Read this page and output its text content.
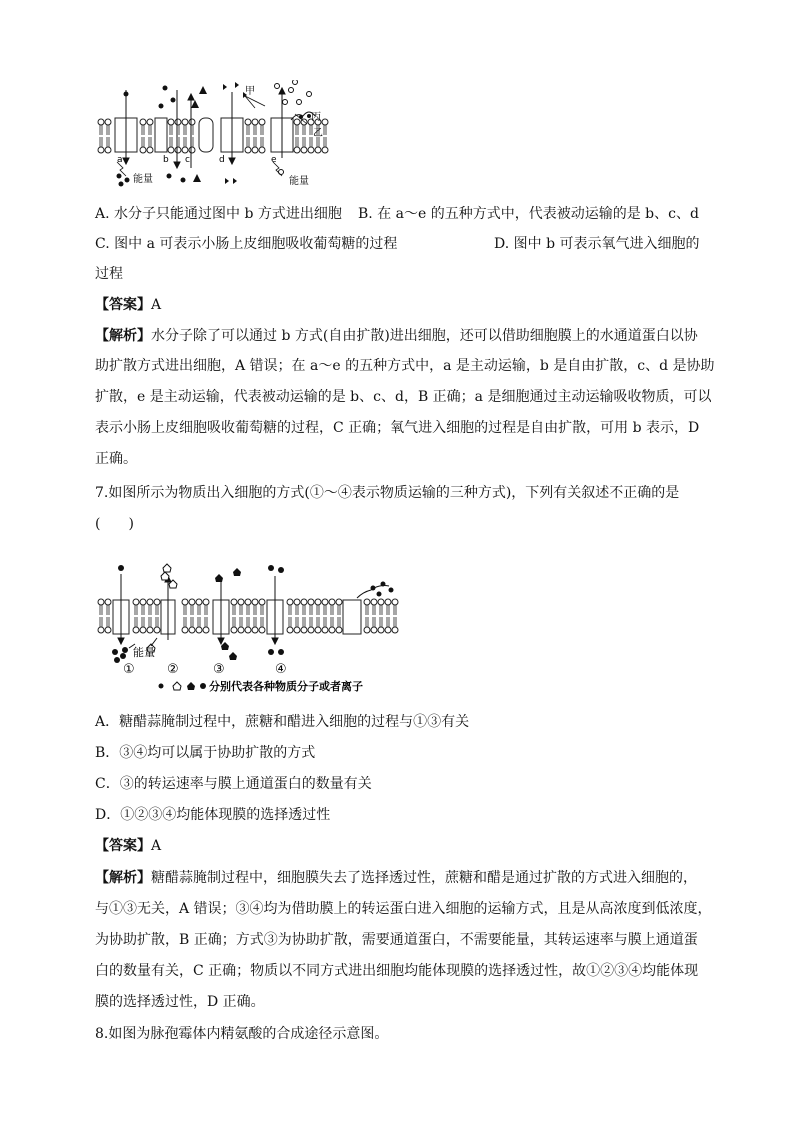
a	b c	d	e
甲
丙
乙
能量	能量
A. 水分子只能通过图中 b 方式进出细胞 B. 在 a～e 的五种方式中，代表被动运输的是 b、c、d
C. 图中 a 可表示小肠上皮细胞吸收葡萄糖的过程	D. 图中 b 可表示氧气进入细胞的
过程
【答案】A
【解析】水分子除了可以通过 b 方式(自由扩散)进出细胞，还可以借助细胞膜上的水通道蛋白以协
助扩散方式进出细胞，A 错误；在 a～e 的五种方式中，a 是主动运输，b 是自由扩散，c、d 是协助
扩散，e 是主动运输，代表被动运输的是 b、c、d，B 正确；a 是细胞通过主动运输吸收物质，可以
表示小肠上皮细胞吸收葡萄糖的过程，C 正确；氧气进入细胞的过程是自由扩散，可用 b 表示，D
正确。
7.如图所示为物质出入细胞的方式(①～④表示物质运输的三种方式)，下列有关叙述不正确的是
(　　)
能量
① ②	③	④
分别代表各种物质分子或者离子
A．糖醋蒜腌制过程中，蔗糖和醋进入细胞的过程与①③有关
B．③④均可以属于协助扩散的方式
C．③的转运速率与膜上通道蛋白的数量有关
D．①②③④均能体现膜的选择透过性
【答案】A
【解析】糖醋蒜腌制过程中，细胞膜失去了选择透过性，蔗糖和醋是通过扩散的方式进入细胞的，
与①③无关，A 错误；③④均为借助膜上的转运蛋白进入细胞的运输方式，且是从高浓度到低浓度，
为协助扩散，B 正确；方式③为协助扩散，需要通道蛋白，不需要能量，其转运速率与膜上通道蛋
白的数量有关，C 正确；物质以不同方式进出细胞均能体现膜的选择透过性，故①②③④均能体现
膜的选择透过性，D 正确。
8.如图为脉孢霉体内精氨酸的合成途径示意图。
